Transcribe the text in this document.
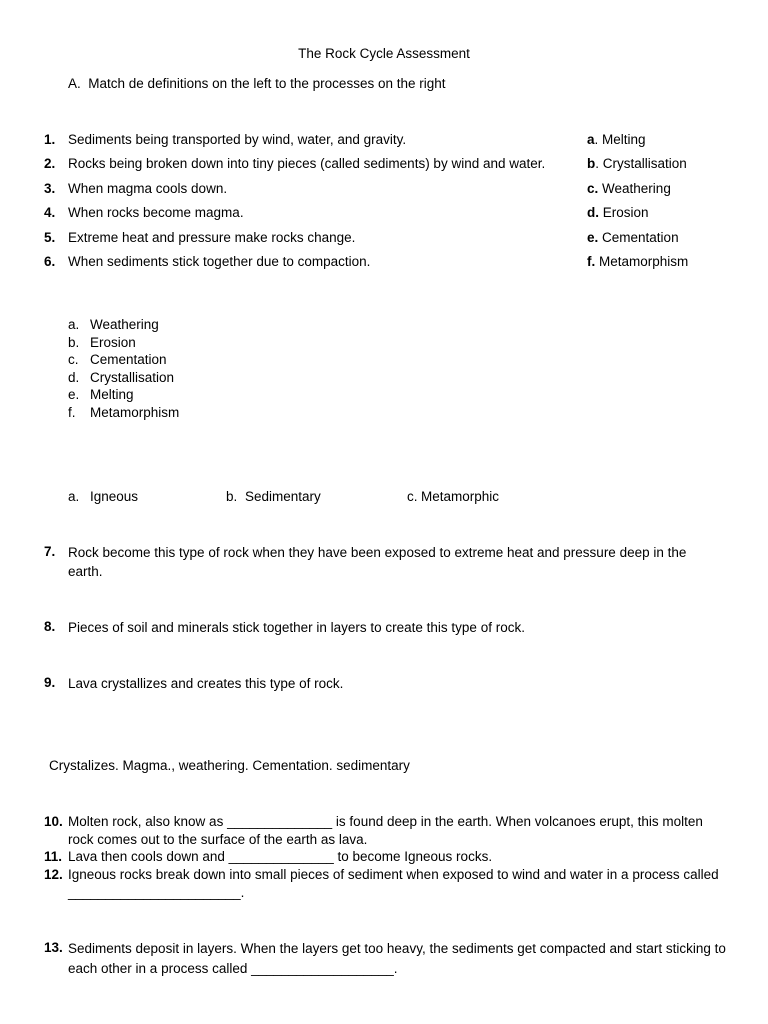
The Rock Cycle Assessment
A. Match de definitions on the left to the processes on the right
1. Sediments being transported by wind, water, and gravity.
2. Rocks being broken down into tiny pieces (called sediments) by wind and water.
3. When magma cools down.
4. When rocks become magma.
5. Extreme heat and pressure make rocks change.
6. When sediments stick together due to compaction.
a. Melting
b. Crystallisation
c. Weathering
d. Erosion
e. Cementation
f. Metamorphism
a. Weathering
b. Erosion
c. Cementation
d. Crystallisation
e. Melting
f. Metamorphism
a. Igneous	b. Sedimentary	c. Metamorphic
7. Rock become this type of rock when they have been exposed to extreme heat and pressure deep in the earth.
8. Pieces of soil and minerals stick together in layers to create this type of rock.
9. Lava crystallizes and creates this type of rock.
Crystalizes. Magma., weathering. Cementation. sedimentary
10. Molten rock, also know as ______________ is found deep in the earth. When volcanoes erupt, this molten rock comes out to the surface of the earth as lava.
11. Lava then cools down and ______________ to become Igneous rocks.
12. Igneous rocks break down into small pieces of sediment when exposed to wind and water in a process called _______________________.
13. Sediments deposit in layers. When the layers get too heavy, the sediments get compacted and start sticking to each other in a process called ___________________.
